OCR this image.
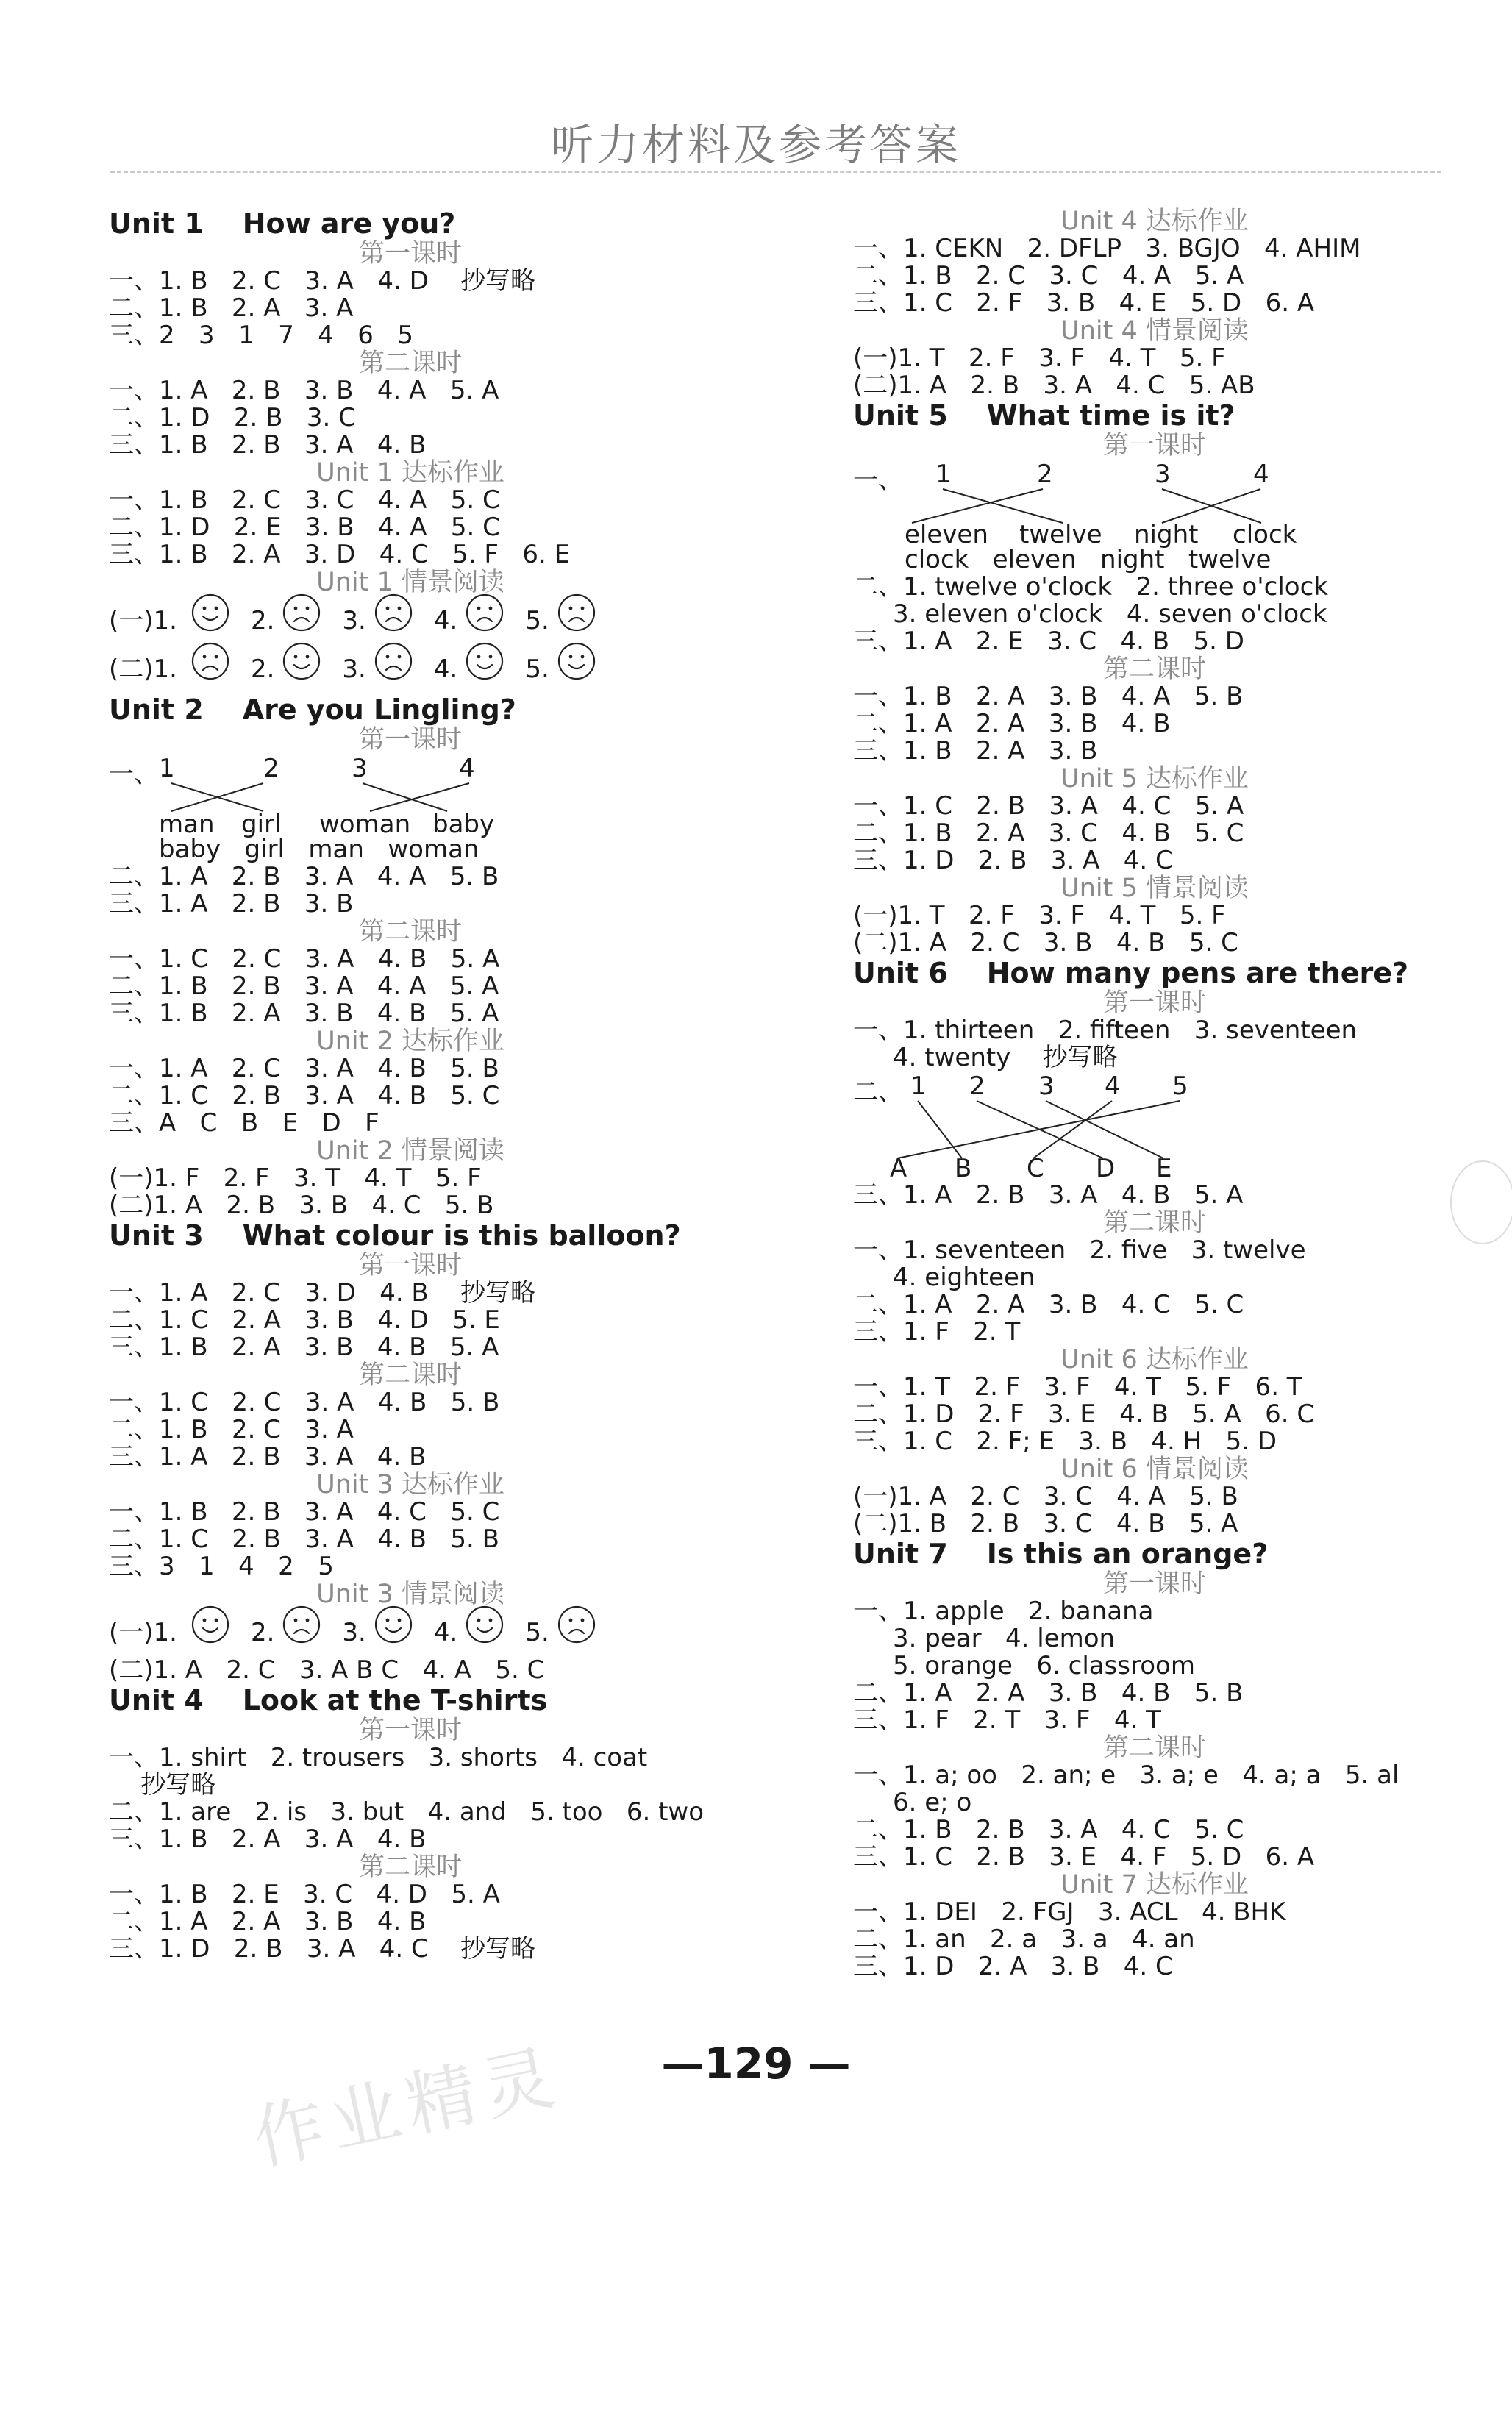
听力材料及参考答案
Unit 1    How are you?
第一课时
一、1. B   2. C   3. A   4. D    抄写略
二、1. B   2. A   3. A
三、2   3   1   7   4   6   5
第二课时
一、1. A   2. B   3. B   4. A   5. A
二、1. D   2. B   3. C
三、1. B   2. B   3. A   4. B
Unit 1 达标作业
一、1. B   2. C   3. C   4. A   5. C
二、1. D   2. E   3. B   4. A   5. C
三、1. B   2. A   3. D   4. C   5. F   6. E
Unit 1 情景阅读
(一)1.	2.	3.	4.	5.
(二)1.	2.	3.	4.	5.
Unit 2    Are you Lingling?
第一课时
一、 1	2	3	4
man girl woman baby
baby   girl   man   woman
二、1. A   2. B   3. A   4. A   5. B
三、1. A   2. B   3. B
第二课时
一、1. C   2. C   3. A   4. B   5. A
二、1. B   2. B   3. A   4. A   5. A
三、1. B   2. A   3. B   4. B   5. A
Unit 2 达标作业
一、1. A   2. C   3. A   4. B   5. B
二、1. C   2. B   3. A   4. B   5. C
三、A   C   B   E   D   F
Unit 2 情景阅读
(一)1. F   2. F   3. T   4. T   5. F
(二)1. A   2. B   3. B   4. C   5. B
Unit 3    What colour is this balloon?
第一课时
一、1. A   2. C   3. D   4. B    抄写略
二、1. C   2. A   3. B   4. D   5. E
三、1. B   2. A   3. B   4. B   5. A
第二课时
一、1. C   2. C   3. A   4. B   5. B
二、1. B   2. C   3. A
三、1. A   2. B   3. A   4. B
Unit 3 达标作业
一、1. B   2. B   3. A   4. C   5. C
二、1. C   2. B   3. A   4. B   5. B
三、3   1   4   2   5
Unit 3 情景阅读
(一)1.	2.	3.	4.	5.
(二)1. A   2. C   3. A B C   4. A   5. C
Unit 4    Look at the T-shirts
第一课时
一、1. shirt   2. trousers   3. shorts   4. coat
抄写略
二、1. are   2. is   3. but   4. and   5. too   6. two
三、1. B   2. A   3. A   4. B
第二课时
一、1. B   2. E   3. C   4. D   5. A
二、1. A   2. A   3. B   4. B
三、1. D   2. B   3. A   4. C    抄写略
Unit 4 达标作业
一、1. CEKN   2. DFLP   3. BGJO   4. AHIM
二、1. B   2. C   3. C   4. A   5. A
三、1. C   2. F   3. B   4. E   5. D   6. A
Unit 4 情景阅读
(一)1. T   2. F   3. F   4. T   5. F
(二)1. A   2. B   3. A   4. C   5. AB
Unit 5    What time is it?
第一课时
一、 1	2	3	4
eleven twelve night clock
clock   eleven   night   twelve
二、1. twelve o'clock   2. three o'clock
3. eleven o'clock   4. seven o'clock
三、1. A   2. E   3. C   4. B   5. D
第二课时
一、1. B   2. A   3. B   4. A   5. B
二、1. A   2. A   3. B   4. B
三、1. B   2. A   3. B
Unit 5 达标作业
一、1. C   2. B   3. A   4. C   5. A
二、1. B   2. A   3. C   4. B   5. C
三、1. D   2. B   3. A   4. C
Unit 5 情景阅读
(一)1. T   2. F   3. F   4. T   5. F
(二)1. A   2. C   3. B   4. B   5. C
Unit 6    How many pens are there?
第一课时
一、1. thirteen   2. fifteen   3. seventeen
4. twenty    抄写略
二、 1 2 3 4 5
A B C D E
三、1. A   2. B   3. A   4. B   5. A
第二课时
一、1. seventeen   2. five   3. twelve
4. eighteen
二、1. A   2. A   3. B   4. C   5. C
三、1. F   2. T
Unit 6 达标作业
一、1. T   2. F   3. F   4. T   5. F   6. T
二、1. D   2. F   3. E   4. B   5. A   6. C
三、1. C   2. F; E   3. B   4. H   5. D
Unit 6 情景阅读
(一)1. A   2. C   3. C   4. A   5. B
(二)1. B   2. B   3. C   4. B   5. A
Unit 7    Is this an orange?
第一课时
一、1. apple   2. banana
3. pear   4. lemon
5. orange   6. classroom
二、1. A   2. A   3. B   4. B   5. B
三、1. F   2. T   3. F   4. T
第二课时
一、1. a; oo   2. an; e   3. a; e   4. a; a   5. al
6. e; o
二、1. B   2. B   3. A   4. C   5. C
三、1. C   2. B   3. E   4. F   5. D   6. A
Unit 7 达标作业
一、1. DEI   2. FGJ   3. ACL   4. BHK
二、1. an   2. a   3. a   4. an
三、1. D   2. A   3. B   4. C
—129 —
作业精灵
